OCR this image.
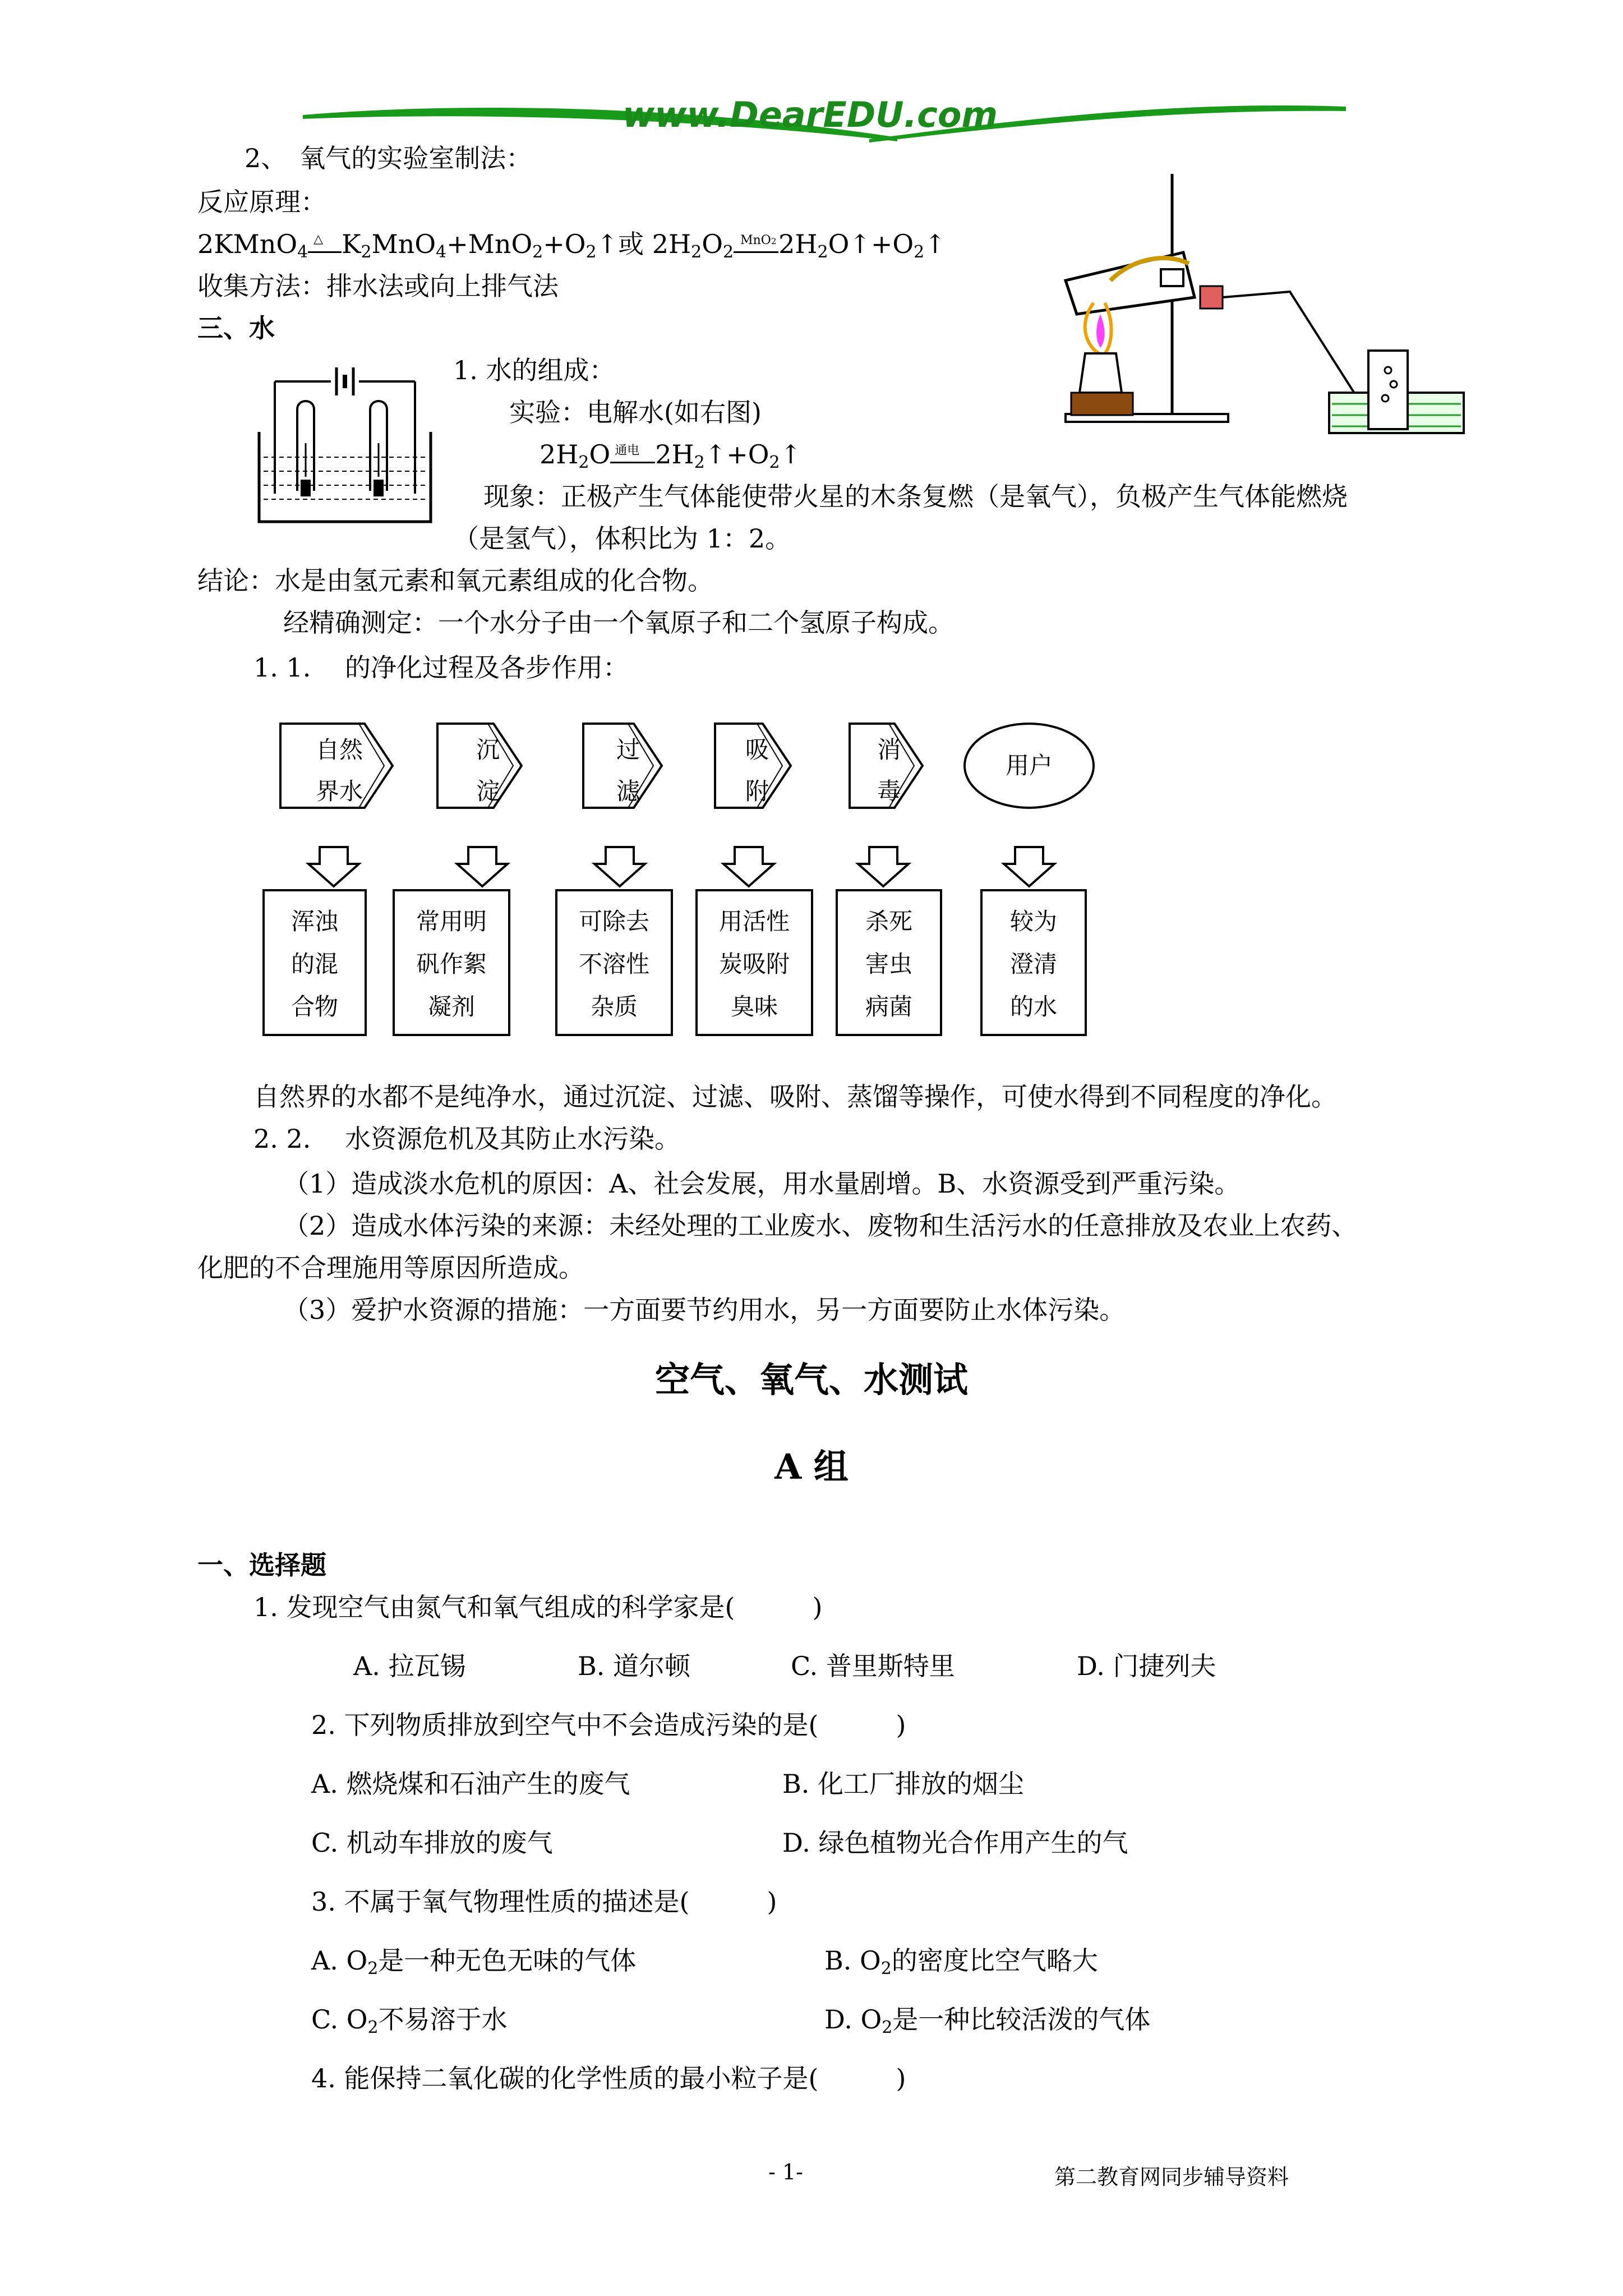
www.DearEDU.com
2、　氧气的实验室制法：
反应原理：
2KMnO$_4$
△ $K_2MnO_4+MnO_2+O_2↑$或 $2H_2O_2$
MnO2 $2H_2O↑+O_2↑$
收集方法：排水法或向上排气法
三、水
1. 水的组成：
实验：电解水(如右图)
$2H_2O$ 通电 $2H_2↑+O_2↑$
现象：正极产生气体能使带火星的木条复燃（是氧气），负极产生气体能燃烧
（是氢气），体积比为 1：2。
结论：水是由氢元素和氧元素组成的化合物。
经精确测定：一个水分子由一个氧原子和二个氢原子构成。
1. 1.　 的净化过程及各步作用：
自然
界水
沉
淀
过
滤
吸
附
消
毒
用户
浑浊
的混
合物
常用明
矾作絮
凝剂
可除去
不溶性
杂质
用活性
炭吸附
臭味
杀死
害虫
病菌
较为
澄清
的水
自然界的水都不是纯净水，通过沉淀、过滤、吸附、蒸馏等操作，可使水得到不同程度的净化。
2. 2.　 水资源危机及其防止水污染。
（1）造成淡水危机的原因：A、社会发展，用水量剧增。B、水资源受到严重污染。
（2）造成水体污染的来源：未经处理的工业废水、废物和生活污水的任意排放及农业上农药、
化肥的不合理施用等原因所造成。
（3）爱护水资源的措施：一方面要节约用水，另一方面要防止水体污染。
空气、氧气、水测试
A 组
一、选择题
1. 发现空气由氮气和氧气组成的科学家是(　　　)
A. 拉瓦锡	B. 道尔顿	C. 普里斯特里	D. 门捷列夫
2. 下列物质排放到空气中不会造成污染的是(　　　)
A. 燃烧煤和石油产生的废气	B. 化工厂排放的烟尘
C. 机动车排放的废气	D. 绿色植物光合作用产生的气
3. 不属于氧气物理性质的描述是(　　　)
A. $O_2$是一种无色无味的气体	B. $O_2$的密度比空气略大
C. $O_2$不易溶于水	D. $O_2$是一种比较活泼的气体
4. 能保持二氧化碳的化学性质的最小粒子是(　　　)
- 1-	第二教育网同步辅导资料
